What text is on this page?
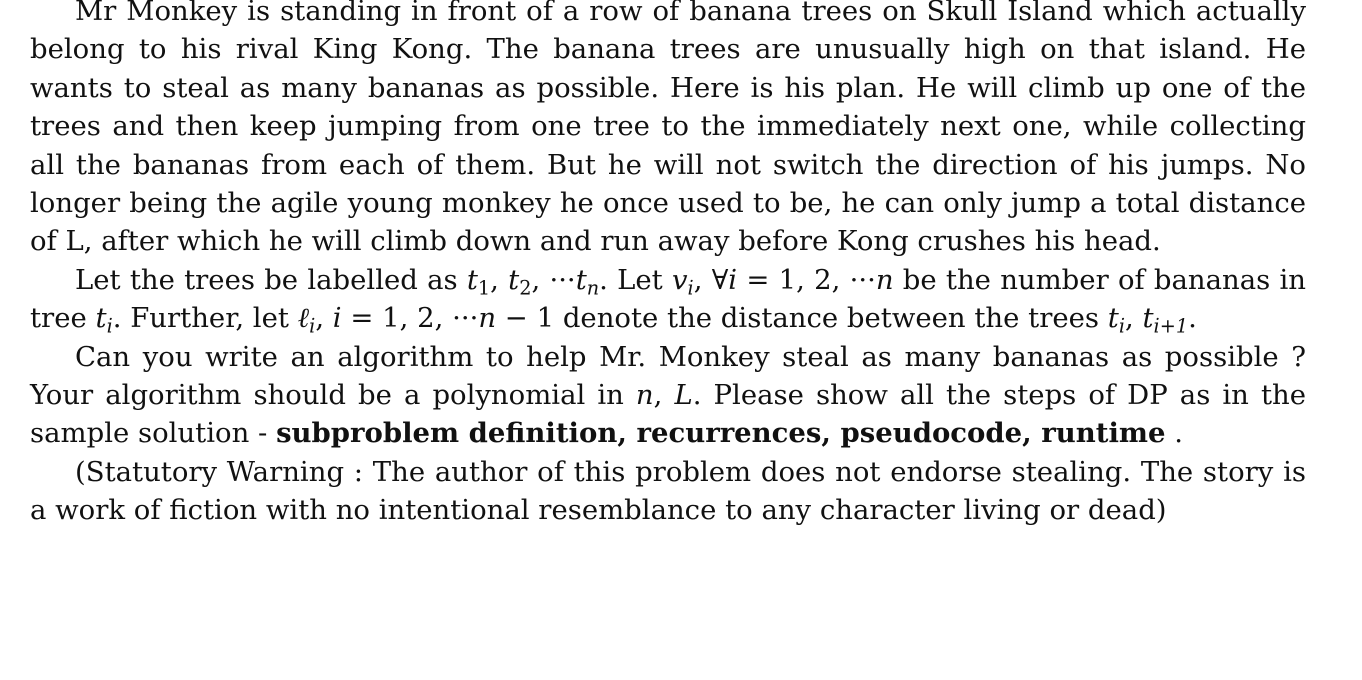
Mr Monkey is standing in front of a row of banana trees on Skull Island which actually belong to his rival King Kong. The banana trees are unusually high on that island. He wants to steal as many bananas as possible. Here is his plan. He will climb up one of the trees and then keep jumping from one tree to the immediately next one, while collecting all the bananas from each of them. But he will not switch the direction of his jumps. No longer being the agile young monkey he once used to be, he can only jump a total distance of L, after which he will climb down and run away before Kong crushes his head.

Let the trees be labelled as $t_1$, $t_2$, $\cdot\cdot\cdot t_n$. Let $v_i$, ∀i = 1, 2, ···n be the number of bananas in tree $t_i$. Further, let ℓ$_i$, i = 1, 2, ···n − 1 denote the distance between the trees $t_i$, $t_{i+1}$.

Can you write an algorithm to help Mr. Monkey steal as many bananas as possible ? Your algorithm should be a polynomial in n, L. Please show all the steps of DP as in the sample solution - subproblem definition, recurrences, pseudocode, runtime .

(Statutory Warning : The author of this problem does not endorse stealing. The story is a work of fiction with no intentional resemblance to any character living or dead)
